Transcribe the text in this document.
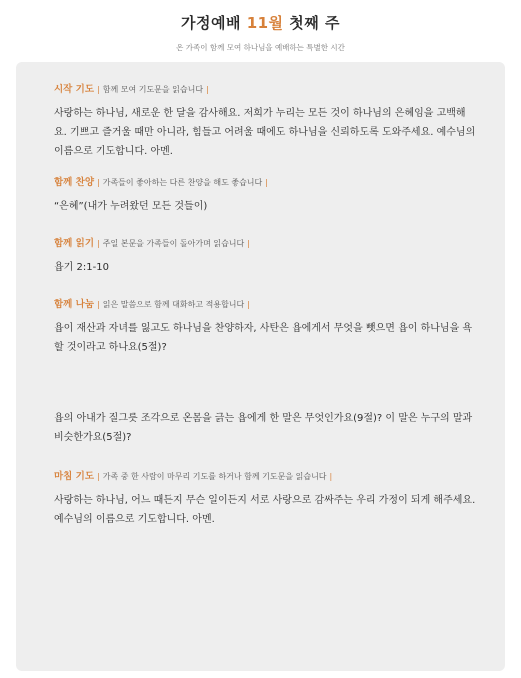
가정예배 11월 첫째 주
온 가족이 함께 모여 하나님을 예배하는 특별한 시간
시작 기도 | 함께 모여 기도문을 읽습니다 |
사랑하는 하나님, 새로운 한 달을 감사해요. 저희가 누리는 모든 것이 하나님의 은혜임을 고백해요. 기쁘고 즐거울 때만 아니라, 힘들고 어려울 때에도 하나님을 신뢰하도록 도와주세요. 예수님의 이름으로 기도합니다. 아멘.
함께 찬양 | 가족들이 좋아하는 다른 찬양을 해도 좋습니다 |
“은혜”(내가 누려왔던 모든 것들이)
함께 읽기 | 주일 본문을 가족들이 돌아가며 읽습니다 |
욥기 2:1-10
함께 나눔 | 읽은 말씀으로 함께 대화하고 적용합니다 |
욥이 재산과 자녀를 잃고도 하나님을 찬양하자, 사탄은 욥에게서 무엇을 뺏으면 욥이 하나님을 욕할 것이라고 하나요(5절)?
욥의 아내가 질그릇 조각으로 온몸을 긁는 욥에게 한 말은 무엇인가요(9절)? 이 말은 누구의 말과 비슷한가요(5절)?
마침 기도 | 가족 중 한 사람이 마무리 기도를 하거나 함께 기도문을 읽습니다 |
사랑하는 하나님, 어느 때든지 무슨 일이든지 서로 사랑으로 감싸주는 우리 가정이 되게 해주세요. 예수님의 이름으로 기도합니다. 아멘.
